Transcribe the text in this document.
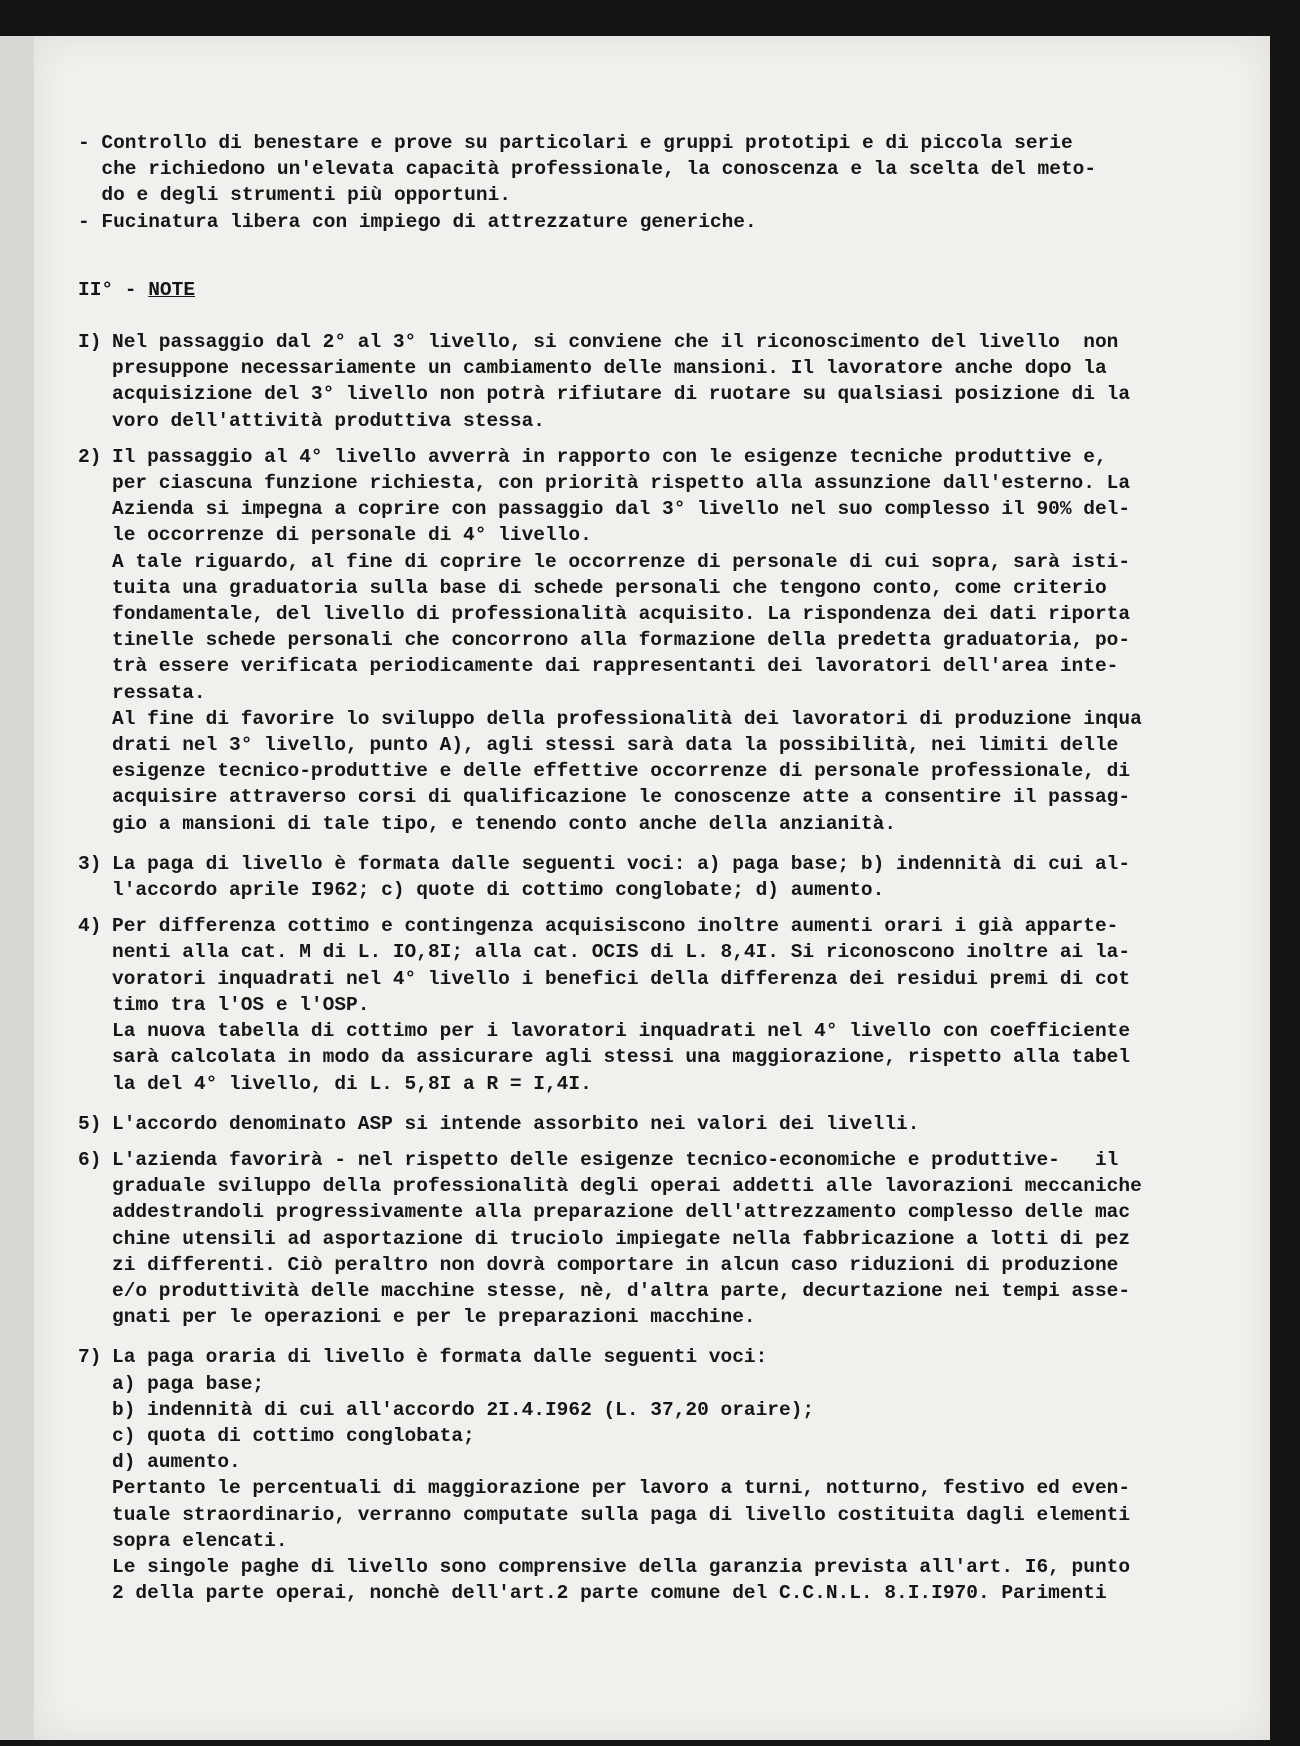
- Controllo di benestare e prove su particolari e gruppi prototipi e di piccola serie
che richiedono un'elevata capacità professionale, la conoscenza e la scelta del meto-
do e degli strumenti più opportuni.
- Fucinatura libera con impiego di attrezzature generiche.
II° - NOTE
I) Nel passaggio dal 2° al 3° livello, si conviene che il riconoscimento del livello  non
presuppone necessariamente un cambiamento delle mansioni. Il lavoratore anche dopo la
acquisizione del 3° livello non potrà rifiutare di ruotare su qualsiasi posizione di la
voro dell'attività produttiva stessa.
2) Il passaggio al 4° livello avverrà in rapporto con le esigenze tecniche produttive e,
per ciascuna funzione richiesta, con priorità rispetto alla assunzione dall'esterno. La
Azienda si impegna a coprire con passaggio dal 3° livello nel suo complesso il 90% del-
le occorrenze di personale di 4° livello.
A tale riguardo, al fine di coprire le occorrenze di personale di cui sopra, sarà isti-
tuita una graduatoria sulla base di schede personali che tengono conto, come criterio
fondamentale, del livello di professionalità acquisito. La rispondenza dei dati riporta
tinelle schede personali che concorrono alla formazione della predetta graduatoria, po-
trà essere verificata periodicamente dai rappresentanti dei lavoratori dell'area inte-
ressata.
Al fine di favorire lo sviluppo della professionalità dei lavoratori di produzione inqua
drati nel 3° livello, punto A), agli stessi sarà data la possibilità, nei limiti delle
esigenze tecnico-produttive e delle effettive occorrenze di personale professionale, di
acquisire attraverso corsi di qualificazione le conoscenze atte a consentire il passag-
gio a mansioni di tale tipo, e tenendo conto anche della anzianità.
3) La paga di livello è formata dalle seguenti voci: a) paga base; b) indennità di cui al-
l'accordo aprile I962; c) quote di cottimo conglobate; d) aumento.
4) Per differenza cottimo e contingenza acquisiscono inoltre aumenti orari i già apparte-
nenti alla cat. M di L. IO,8I; alla cat. OCIS di L. 8,4I. Si riconoscono inoltre ai la-
voratori inquadrati nel 4° livello i benefici della differenza dei residui premi di cot
timo tra l'OS e l'OSP.
La nuova tabella di cottimo per i lavoratori inquadrati nel 4° livello con coefficiente
sarà calcolata in modo da assicurare agli stessi una maggiorazione, rispetto alla tabel
la del 4° livello, di L. 5,8I a R = I,4I.
5) L'accordo denominato ASP si intende assorbito nei valori dei livelli.
6) L'azienda favorirà - nel rispetto delle esigenze tecnico-economiche e produttive-   il
graduale sviluppo della professionalità degli operai addetti alle lavorazioni meccaniche
addestrandoli progressivamente alla preparazione dell'attrezzamento complesso delle mac
chine utensili ad asportazione di truciolo impiegate nella fabbricazione a lotti di pez
zi differenti. Ciò peraltro non dovrà comportare in alcun caso riduzioni di produzione
e/o produttività delle macchine stesse, nè, d'altra parte, decurtazione nei tempi asse-
gnati per le operazioni e per le preparazioni macchine.
7) La paga oraria di livello è formata dalle seguenti voci:
a) paga base;
b) indennità di cui all'accordo 2I.4.I962 (L. 37,20 oraire);
c) quota di cottimo conglobata;
d) aumento.
Pertanto le percentuali di maggiorazione per lavoro a turni, notturno, festivo ed even-
tuale straordinario, verranno computate sulla paga di livello costituita dagli elementi
sopra elencati.
Le singole paghe di livello sono comprensive della garanzia prevista all'art. I6, punto
2 della parte operai, nonchè dell'art.2 parte comune del C.C.N.L. 8.I.I970. Parimenti
